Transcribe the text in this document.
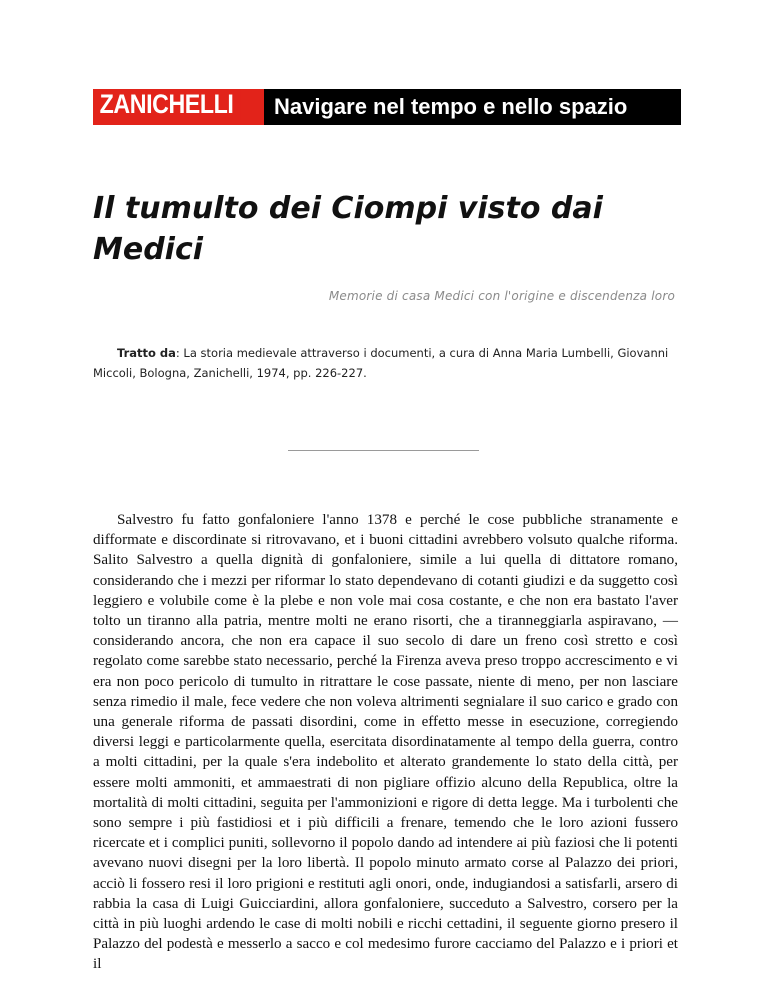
ZANICHELLI	Navigare nel tempo e nello spazio
Il tumulto dei Ciompi visto dai Medici

Memorie di casa Medici con l'origine e discendenza loro

Tratto da: La storia medievale attraverso i documenti, a cura di Anna Maria Lumbelli, Giovanni Miccoli, Bologna, Zanichelli, 1974, pp. 226-227.

Salvestro fu fatto gonfaloniere l'anno 1378 e perché le cose pubbliche stranamente e difformate e discordinate si ritrovavano, et i buoni cittadini avrebbero volsuto qualche riforma. Salito Salvestro a quella dignità di gonfaloniere, simile a lui quella di dittatore romano, considerando che i mezzi per riformar lo stato dependevano di cotanti giudizi e da suggetto così leggiero e volubile come è la plebe e non vole mai cosa costante, e che non era bastato l'aver tolto un tiranno alla patria, mentre molti ne erano risorti, che a tiranneggiarla aspiravano, — considerando ancora, che non era capace il suo secolo di dare un freno così stretto e così regolato come sarebbe stato necessario, perché la Firenza aveva preso troppo accrescimento e vi era non poco pericolo di tumulto in ritrattare le cose passate, niente di meno, per non lasciare senza rimedio il male, fece vedere che non voleva altrimenti segnialare il suo carico e grado con una generale riforma de passati disordini, come in effetto messe in esecuzione, corregiendo diversi leggi e particolarmente quella, esercitata disordinatamente al tempo della guerra, contro a molti cittadini, per la quale s'era indebolito et alterato grandemente lo stato della città, per essere molti ammoniti, et ammaestrati di non pigliare offizio alcuno della Republica, oltre la mortalità di molti cittadini, seguita per l'ammonizioni e rigore di detta legge. Ma i turbolenti che sono sempre i più fastidiosi et i più difficili a frenare, temendo che le loro azioni fussero ricercate et i complici puniti, sollevorno il popolo dando ad intendere ai più faziosi che li potenti avevano nuovi disegni per la loro libertà. Il popolo minuto armato corse al Palazzo dei priori, acciò li fossero resi il loro prigioni e restituti agli onori, onde, indugiandosi a satisfarli, arsero di rabbia la casa di Luigi Guicciardini, allora gonfaloniere, succeduto a Salvestro, corsero per la città in più luoghi ardendo le case di molti nobili e ricchi cettadini, il seguente giorno presero il Palazzo del podestà e messerlo a sacco e col medesimo furore cacciamo del Palazzo e i priori et il
